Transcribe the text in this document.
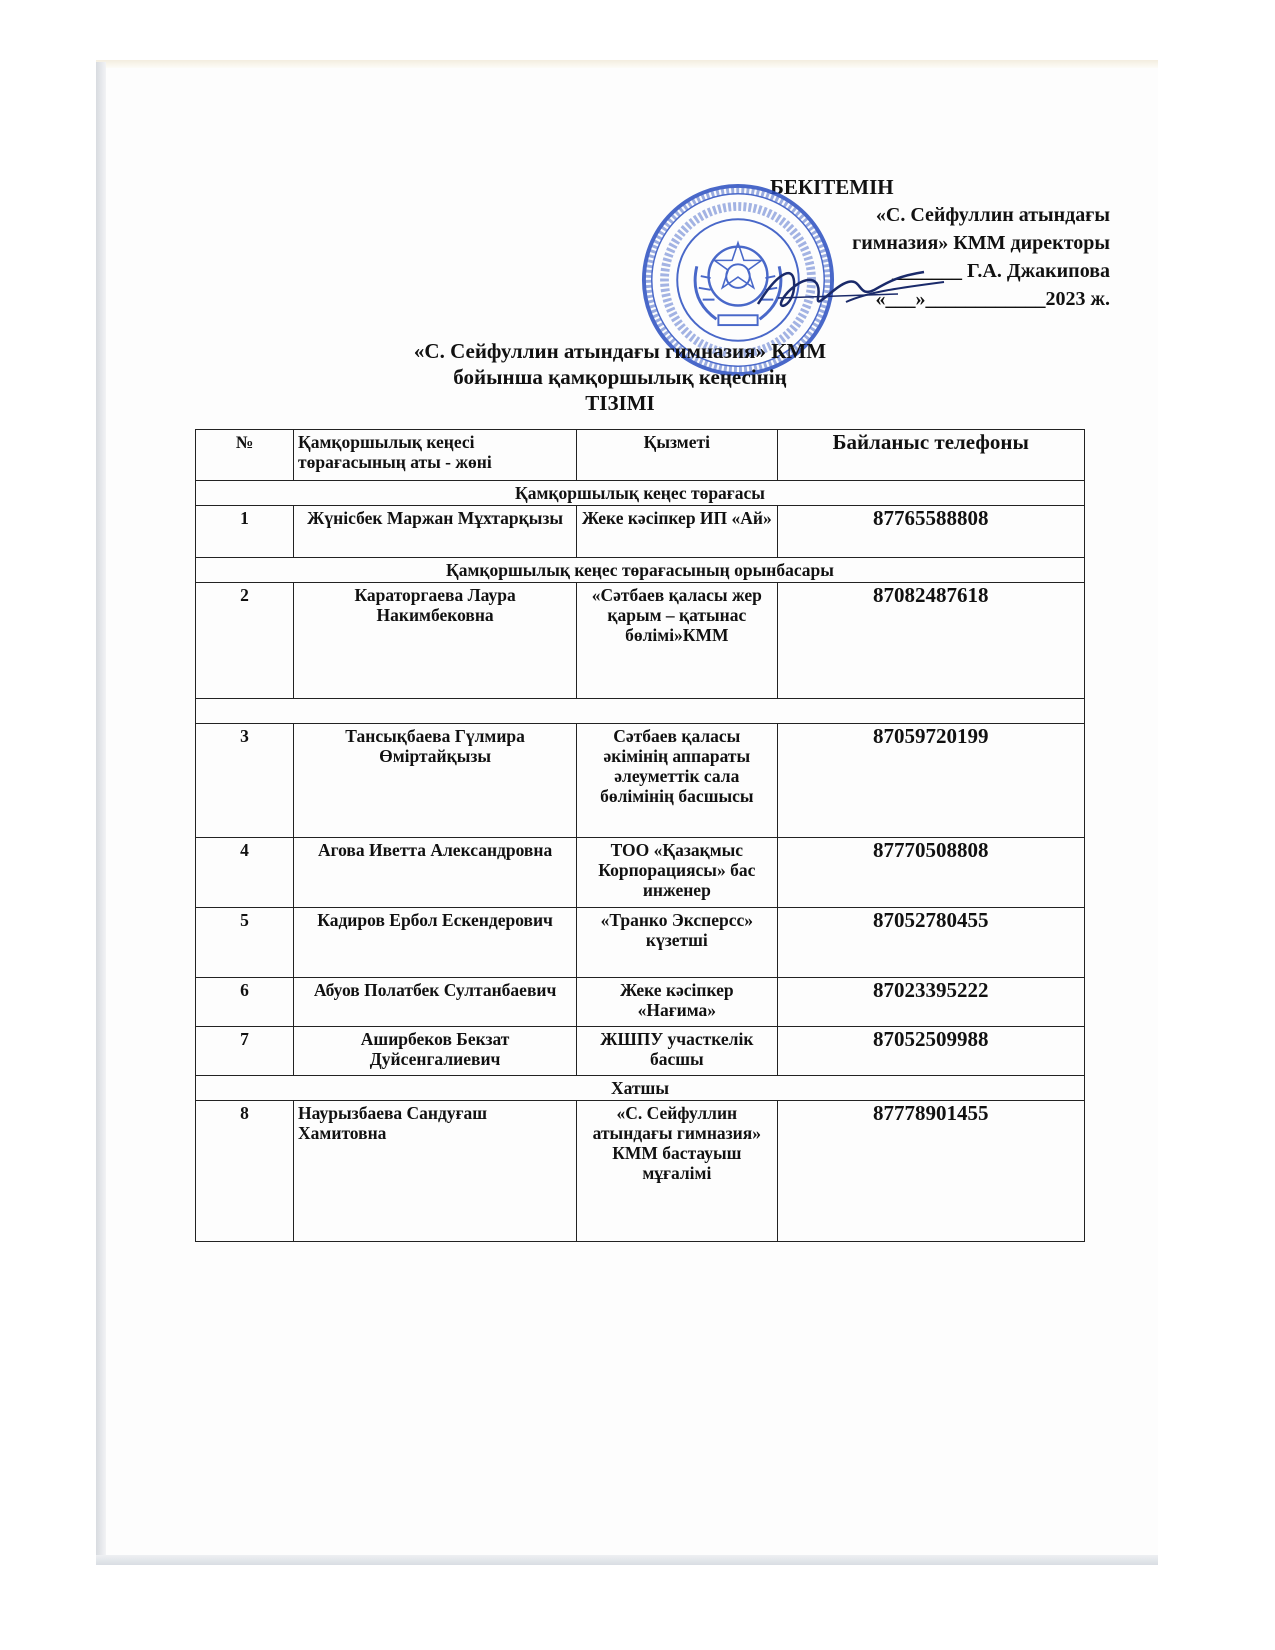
БЕКІТЕМІН
«С. Сейфуллин атындағы
гимназия» КММ директоры
_______ Г.А. Джакипова
«___»____________2023 ж.
«С. Сейфуллин атындағы гимназия» КММ
бойынша қамқоршылық кеңесінің
ТІЗІМІ
№	Қамқоршылық кеңесі төрағасының аты - жөні	Қызметі	Байланыс телефоны
Қамқоршылық кеңес төрағасы			
1	Жүнісбек Маржан Мұхтарқызы	Жеке кәсіпкер ИП «Ай»	87765588808
Қамқоршылық кеңес төрағасының орынбасары			
2	Караторгаева Лаура Накимбековна	«Сәтбаев қаласы жер қарым – қатынас бөлімі»КММ	87082487618

3	Тансықбаева Гүлмира Өміртайқызы	Сәтбаев қаласы әкімінің аппараты әлеуметтік сала бөлімінің басшысы	87059720199
4	Агова Иветта Александровна	ТОО «Қазақмыс Корпорациясы» бас инженер	87770508808
5	Кадиров Ербол Ескендерович	«Транко Эксперсс» күзетші	87052780455
6	Абуов Полатбек Султанбаевич	Жеке кәсіпкер «Нағима»	87023395222
7	Аширбеков Бекзат Дуйсенгалиевич	ЖШПУ участкелік басшы	87052509988
Хатшы			
8	Наурызбаева Сандуғаш Хамитовна	«С. Сейфуллин атындағы гимназия» КММ бастауыш мұғалімі	87778901455
